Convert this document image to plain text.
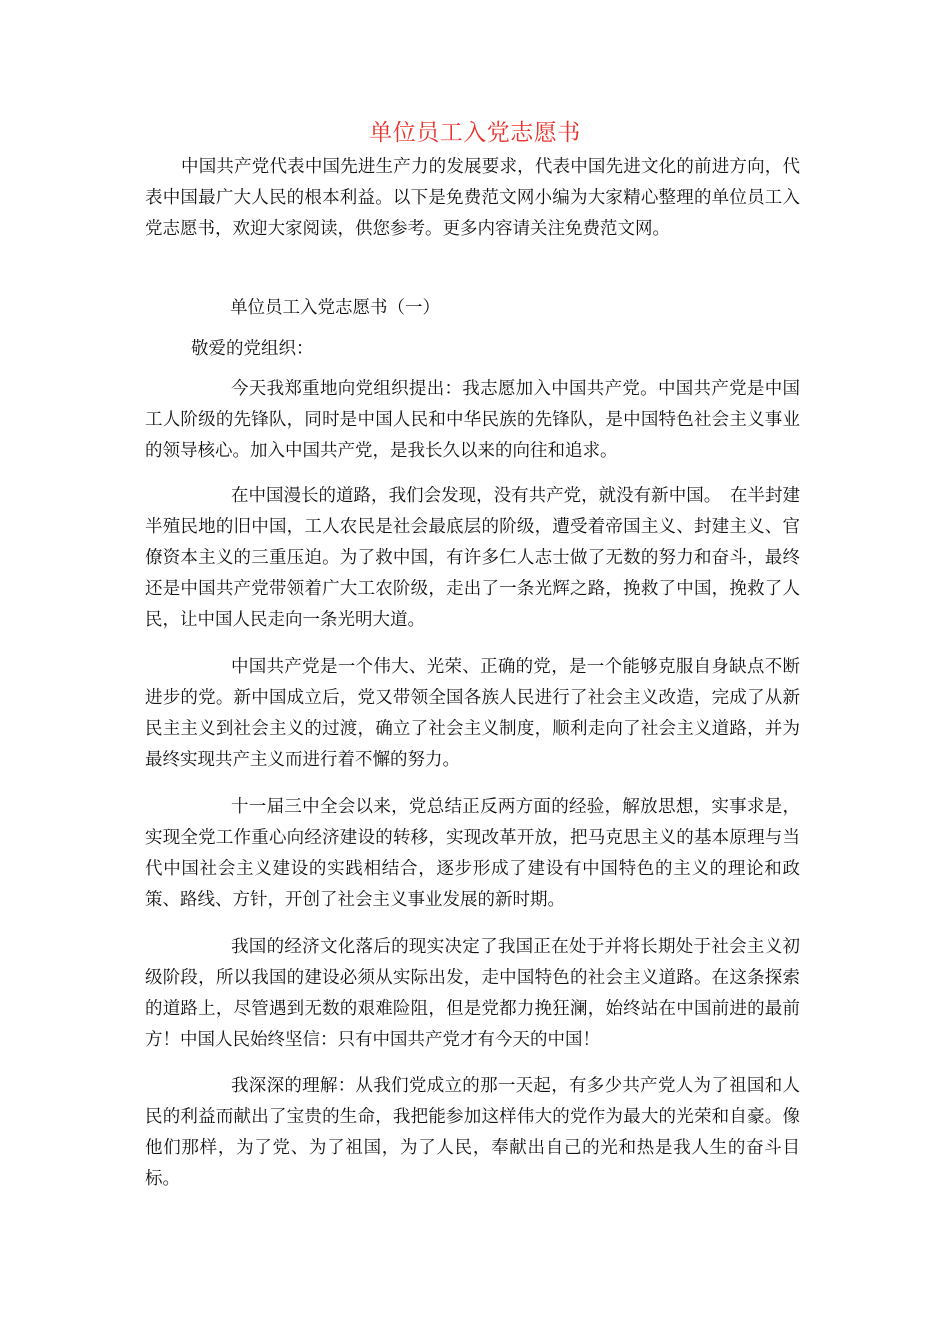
单位员工入党志愿书

中国共产党代表中国先进生产力的发展要求，代表中国先进文化的前进方向，代表中国最广大人民的根本利益。以下是免费范文网小编为大家精心整理的单位员工入党志愿书，欢迎大家阅读，供您参考。更多内容请关注免费范文网。

单位员工入党志愿书（一）

敬爱的党组织：

今天我郑重地向党组织提出：我志愿加入中国共产党。中国共产党是中国工人阶级的先锋队，同时是中国人民和中华民族的先锋队，是中国特色社会主义事业的领导核心。加入中国共产党，是我长久以来的向往和追求。

在中国漫长的道路，我们会发现，没有共产党，就没有新中国。　在半封建半殖民地的旧中国，工人农民是社会最底层的阶级，遭受着帝国主义、封建主义、官僚资本主义的三重压迫。为了救中国，有许多仁人志士做了无数的努力和奋斗，最终还是中国共产党带领着广大工农阶级，走出了一条光辉之路，挽救了中国，挽救了人民，让中国人民走向一条光明大道。

中国共产党是一个伟大、光荣、正确的党，是一个能够克服自身缺点不断进步的党。新中国成立后，党又带领全国各族人民进行了社会主义改造，完成了从新民主主义到社会主义的过渡，确立了社会主义制度，顺利走向了社会主义道路，并为最终实现共产主义而进行着不懈的努力。

十一届三中全会以来，党总结正反两方面的经验，解放思想，实事求是，实现全党工作重心向经济建设的转移，实现改革开放，把马克思主义的基本原理与当代中国社会主义建设的实践相结合，逐步形成了建设有中国特色的主义的理论和政策、路线、方针，开创了社会主义事业发展的新时期。

我国的经济文化落后的现实决定了我国正在处于并将长期处于社会主义初级阶段，所以我国的建设必须从实际出发，走中国特色的社会主义道路。在这条探索的道路上，尽管遇到无数的艰难险阻，但是党都力挽狂澜，始终站在中国前进的最前方！中国人民始终坚信：只有中国共产党才有今天的中国！

我深深的理解：从我们党成立的那一天起，有多少共产党人为了祖国和人民的利益而献出了宝贵的生命，我把能参加这样伟大的党作为最大的光荣和自豪。像他们那样，为了党、为了祖国，为了人民，奉献出自己的光和热是我人生的奋斗目标。
